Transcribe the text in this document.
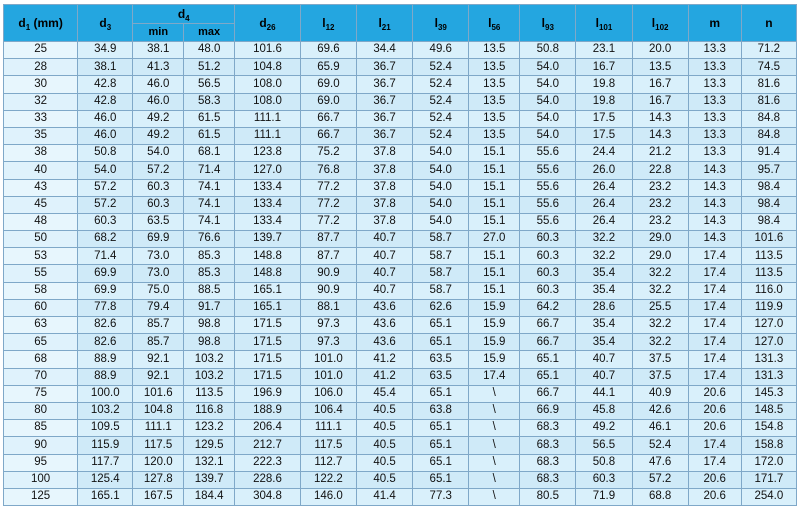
$d_1$ (mm)	$d_3$	$d_4$		$d_{26}$	$l_{12}$	$l_{21}$	$l_{39}$	$l_{56}$	$l_{93}$	$l_{101}$	$l_{102}$	m	n
		min	max										
25	34.9	38.1	48.0	101.6	69.6	34.4	49.6	13.5	50.8	23.1	20.0	13.3	71.2
28	38.1	41.3	51.2	104.8	65.9	36.7	52.4	13.5	54.0	16.7	13.5	13.3	74.5
30	42.8	46.0	56.5	108.0	69.0	36.7	52.4	13.5	54.0	19.8	16.7	13.3	81.6
32	42.8	46.0	58.3	108.0	69.0	36.7	52.4	13.5	54.0	19.8	16.7	13.3	81.6
33	46.0	49.2	61.5	111.1	66.7	36.7	52.4	13.5	54.0	17.5	14.3	13.3	84.8
35	46.0	49.2	61.5	111.1	66.7	36.7	52.4	13.5	54.0	17.5	14.3	13.3	84.8
38	50.8	54.0	68.1	123.8	75.2	37.8	54.0	15.1	55.6	24.4	21.2	13.3	91.4
40	54.0	57.2	71.4	127.0	76.8	37.8	54.0	15.1	55.6	26.0	22.8	14.3	95.7
43	57.2	60.3	74.1	133.4	77.2	37.8	54.0	15.1	55.6	26.4	23.2	14.3	98.4
45	57.2	60.3	74.1	133.4	77.2	37.8	54.0	15.1	55.6	26.4	23.2	14.3	98.4
48	60.3	63.5	74.1	133.4	77.2	37.8	54.0	15.1	55.6	26.4	23.2	14.3	98.4
50	68.2	69.9	76.6	139.7	87.7	40.7	58.7	27.0	60.3	32.2	29.0	14.3	101.6
53	71.4	73.0	85.3	148.8	87.7	40.7	58.7	15.1	60.3	32.2	29.0	17.4	113.5
55	69.9	73.0	85.3	148.8	90.9	40.7	58.7	15.1	60.3	35.4	32.2	17.4	113.5
58	69.9	75.0	88.5	165.1	90.9	40.7	58.7	15.1	60.3	35.4	32.2	17.4	116.0
60	77.8	79.4	91.7	165.1	88.1	43.6	62.6	15.9	64.2	28.6	25.5	17.4	119.9
63	82.6	85.7	98.8	171.5	97.3	43.6	65.1	15.9	66.7	35.4	32.2	17.4	127.0
65	82.6	85.7	98.8	171.5	97.3	43.6	65.1	15.9	66.7	35.4	32.2	17.4	127.0
68	88.9	92.1	103.2	171.5	101.0	41.2	63.5	15.9	65.1	40.7	37.5	17.4	131.3
70	88.9	92.1	103.2	171.5	101.0	41.2	63.5	17.4	65.1	40.7	37.5	17.4	131.3
75	100.0	101.6	113.5	196.9	106.0	45.4	65.1	\	66.7	44.1	40.9	20.6	145.3
80	103.2	104.8	116.8	188.9	106.4	40.5	63.8	\	66.9	45.8	42.6	20.6	148.5
85	109.5	111.1	123.2	206.4	111.1	40.5	65.1	\	68.3	49.2	46.1	20.6	154.8
90	115.9	117.5	129.5	212.7	117.5	40.5	65.1	\	68.3	56.5	52.4	17.4	158.8
95	117.7	120.0	132.1	222.3	112.7	40.5	65.1	\	68.3	50.8	47.6	17.4	172.0
100	125.4	127.8	139.7	228.6	122.2	40.5	65.1	\	68.3	60.3	57.2	20.6	171.7
125	165.1	167.5	184.4	304.8	146.0	41.4	77.3	\	80.5	71.9	68.8	20.6	254.0
